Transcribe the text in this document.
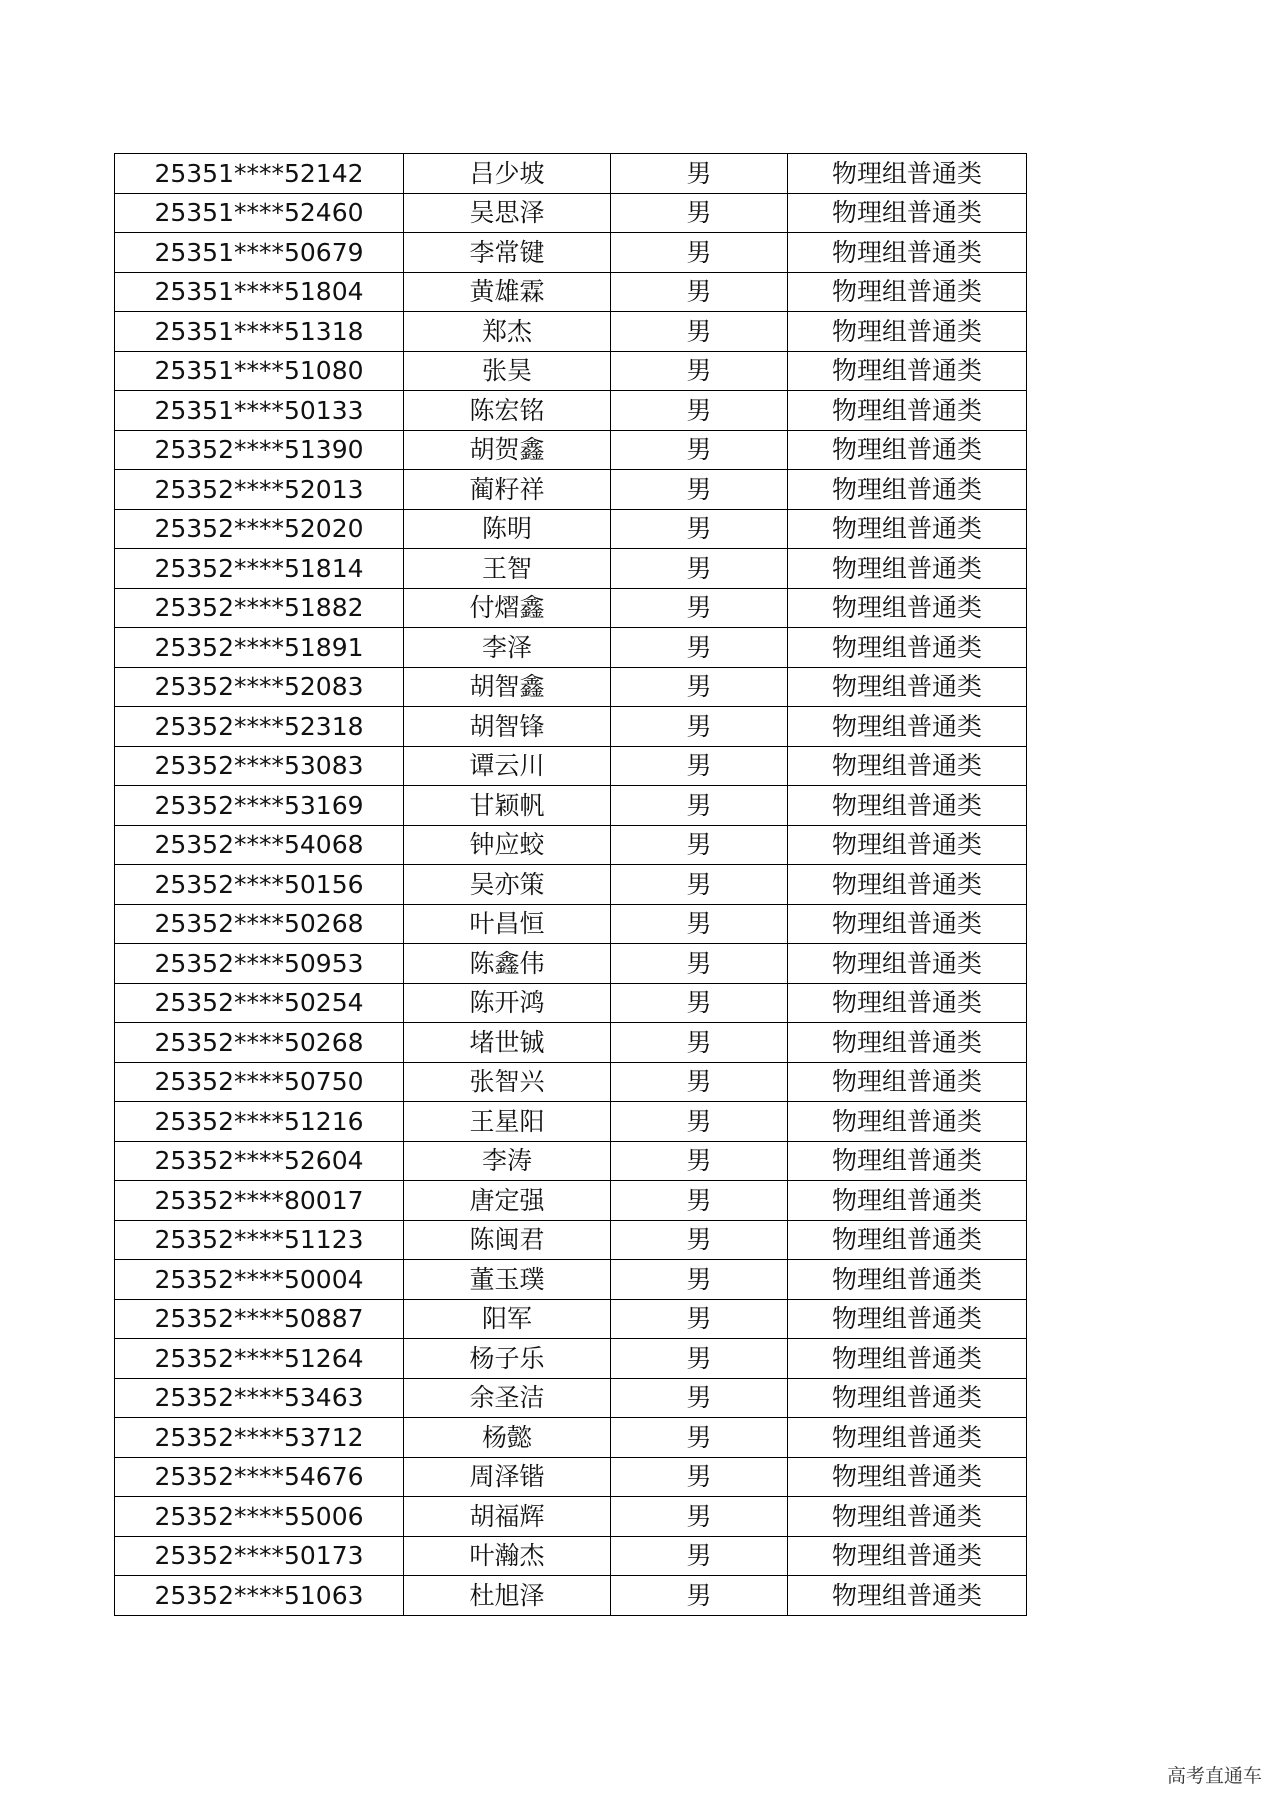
25351****52142	吕少坡	男	物理组普通类
25351****52460	吴思泽	男	物理组普通类
25351****50679	李常键	男	物理组普通类
25351****51804	黄雄霖	男	物理组普通类
25351****51318	郑杰	男	物理组普通类
25351****51080	张昊	男	物理组普通类
25351****50133	陈宏铭	男	物理组普通类
25352****51390	胡贺鑫	男	物理组普通类
25352****52013	蔺籽祥	男	物理组普通类
25352****52020	陈明	男	物理组普通类
25352****51814	王智	男	物理组普通类
25352****51882	付熠鑫	男	物理组普通类
25352****51891	李泽	男	物理组普通类
25352****52083	胡智鑫	男	物理组普通类
25352****52318	胡智锋	男	物理组普通类
25352****53083	谭云川	男	物理组普通类
25352****53169	甘颖帆	男	物理组普通类
25352****54068	钟应蛟	男	物理组普通类
25352****50156	吴亦策	男	物理组普通类
25352****50268	叶昌恒	男	物理组普通类
25352****50953	陈鑫伟	男	物理组普通类
25352****50254	陈开鸿	男	物理组普通类
25352****50268	堵世铖	男	物理组普通类
25352****50750	张智兴	男	物理组普通类
25352****51216	王星阳	男	物理组普通类
25352****52604	李涛	男	物理组普通类
25352****80017	唐定强	男	物理组普通类
25352****51123	陈闽君	男	物理组普通类
25352****50004	董玉璞	男	物理组普通类
25352****50887	阳军	男	物理组普通类
25352****51264	杨子乐	男	物理组普通类
25352****53463	余圣洁	男	物理组普通类
25352****53712	杨懿	男	物理组普通类
25352****54676	周泽锴	男	物理组普通类
25352****55006	胡福辉	男	物理组普通类
25352****50173	叶瀚杰	男	物理组普通类
25352****51063	杜旭泽	男	物理组普通类
高考直通车
